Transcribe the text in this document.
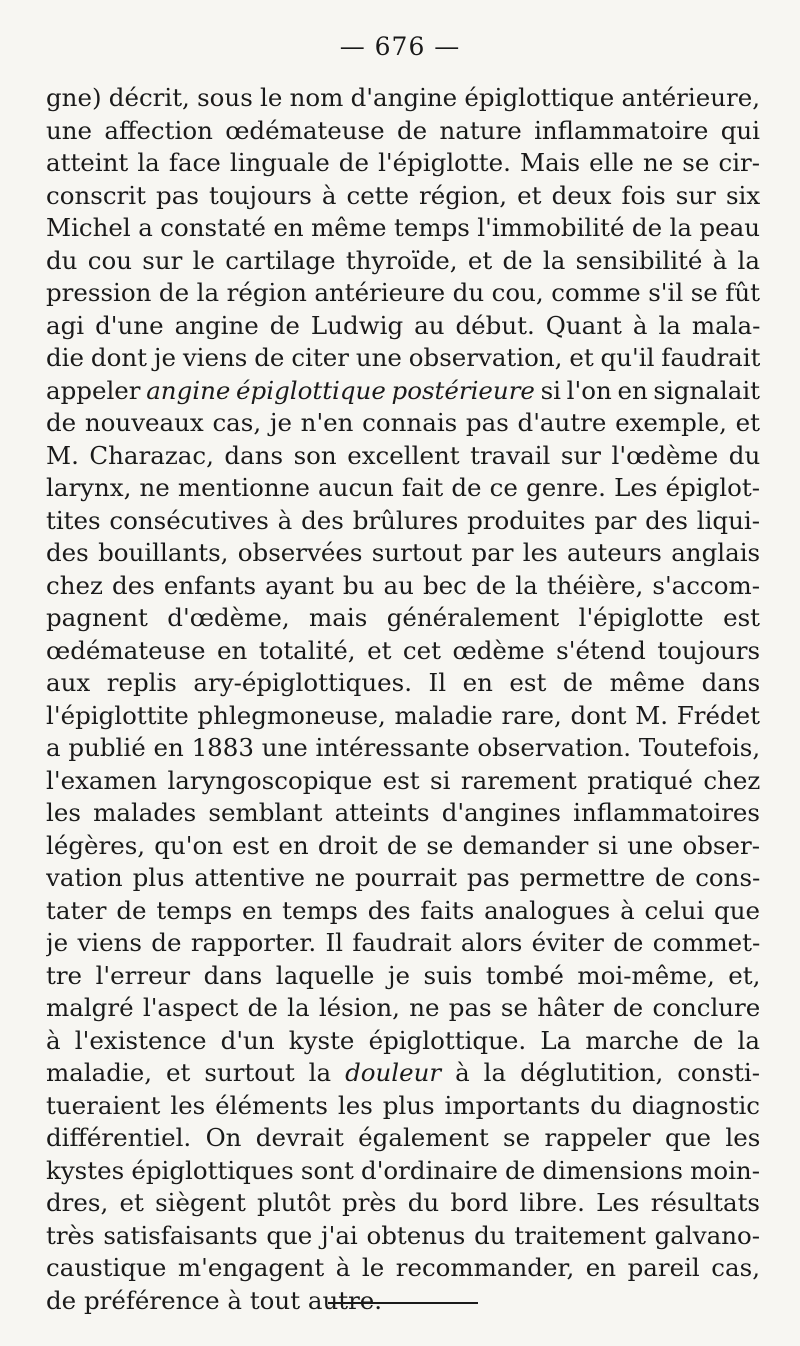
— 676 —
gne) décrit, sous le nom d'angine épiglottique antérieure,
une affection œdémateuse de nature inflammatoire qui
atteint la face linguale de l'épiglotte. Mais elle ne se cir-
conscrit pas toujours à cette région, et deux fois sur six
Michel a constaté en même temps l'immobilité de la peau
du cou sur le cartilage thyroïde, et de la sensibilité à la
pression de la région antérieure du cou, comme s'il se fût
agi d'une angine de Ludwig au début. Quant à la mala-
die dont je viens de citer une observation, et qu'il faudrait
appeler angine épiglottique postérieure si l'on en signalait
de nouveaux cas, je n'en connais pas d'autre exemple, et
M. Charazac, dans son excellent travail sur l'œdème du
larynx, ne mentionne aucun fait de ce genre. Les épiglot-
tites consécutives à des brûlures produites par des liqui-
des bouillants, observées surtout par les auteurs anglais
chez des enfants ayant bu au bec de la théière, s'accom-
pagnent d'œdème, mais généralement l'épiglotte est
œdémateuse en totalité, et cet œdème s'étend toujours
aux replis ary-épiglottiques. Il en est de même dans
l'épiglottite phlegmoneuse, maladie rare, dont M. Frédet
a publié en 1883 une intéressante observation. Toutefois,
l'examen laryngoscopique est si rarement pratiqué chez
les malades semblant atteints d'angines inflammatoires
légères, qu'on est en droit de se demander si une obser-
vation plus attentive ne pourrait pas permettre de cons-
tater de temps en temps des faits analogues à celui que
je viens de rapporter. Il faudrait alors éviter de commet-
tre l'erreur dans laquelle je suis tombé moi-même, et,
malgré l'aspect de la lésion, ne pas se hâter de conclure
à l'existence d'un kyste épiglottique. La marche de la
maladie, et surtout la douleur à la déglutition, consti-
tueraient les éléments les plus importants du diagnostic
différentiel. On devrait également se rappeler que les
kystes épiglottiques sont d'ordinaire de dimensions moin-
dres, et siègent plutôt près du bord libre. Les résultats
très satisfaisants que j'ai obtenus du traitement galvano-
caustique m'engagent à le recommander, en pareil cas,
de préférence à tout autre.
